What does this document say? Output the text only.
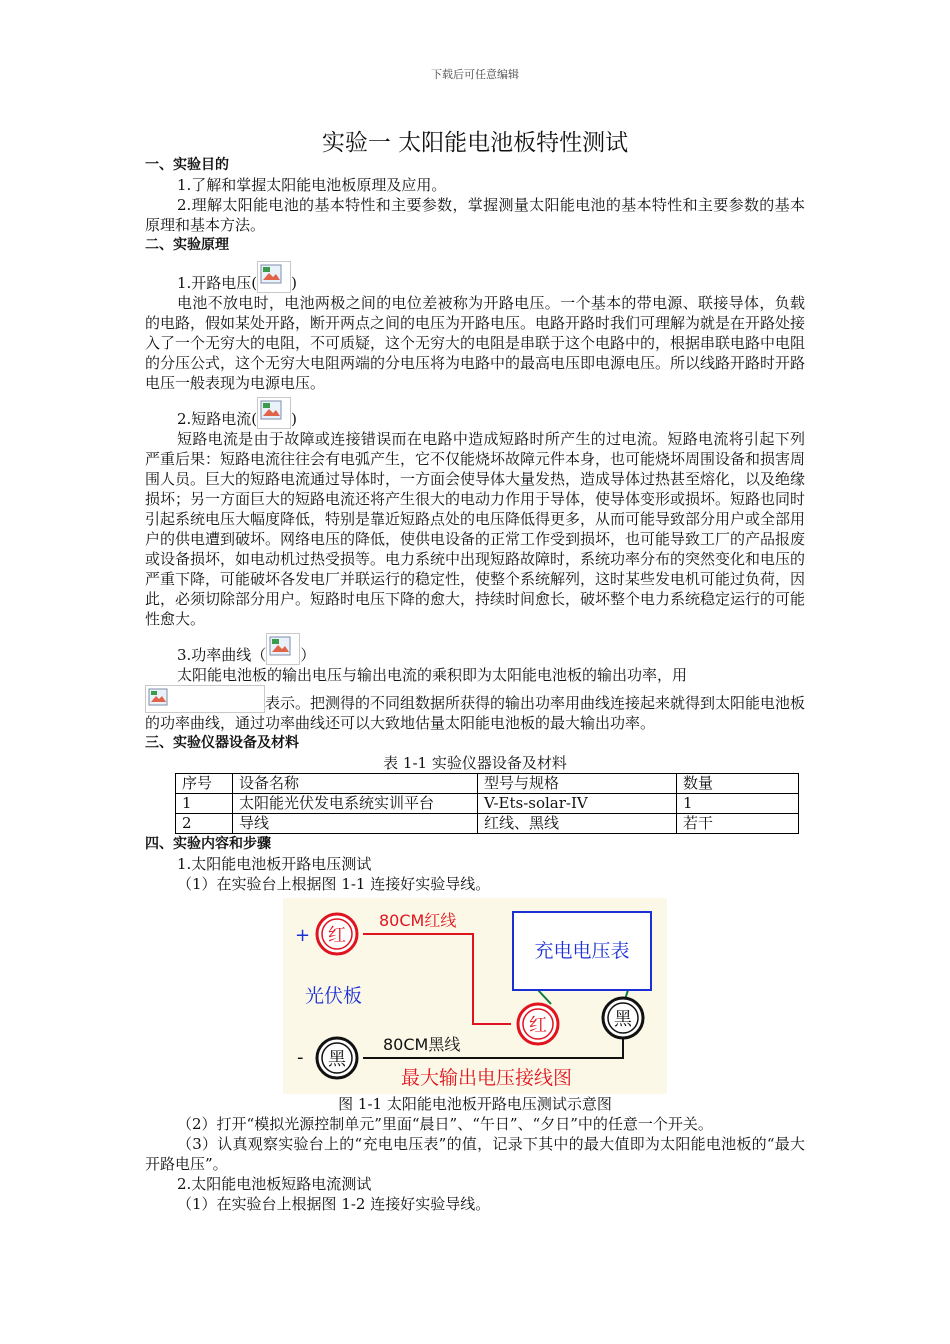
下载后可任意编辑
实验一 太阳能电池板特性测试
一、实验目的

1.了解和掌握太阳能电池板原理及应用。

2.理解太阳能电池的基本特性和主要参数，掌握测量太阳能电池的基本特性和主要参数的基本原理和基本方法。

二、实验原理

1.开路电压( )

电池不放电时，电池两极之间的电位差被称为开路电压。一个基本的带电源、联接导体，负载的电路，假如某处开路，断开两点之间的电压为开路电压。电路开路时我们可理解为就是在开路处接入了一个无穷大的电阻，不可质疑，这个无穷大的电阻是串联于这个电路中的，根据串联电路中电阻的分压公式，这个无穷大电阻两端的分电压将为电路中的最高电压即电源电压。所以线路开路时开路电压一般表现为电源电压。

2.短路电流( )

短路电流是由于故障或连接错误而在电路中造成短路时所产生的过电流。短路电流将引起下列严重后果：短路电流往往会有电弧产生，它不仅能烧坏故障元件本身，也可能烧坏周围设备和损害周围人员。巨大的短路电流通过导体时，一方面会使导体大量发热，造成导体过热甚至熔化，以及绝缘损坏；另一方面巨大的短路电流还将产生很大的电动力作用于导体，使导体变形或损坏。短路也同时引起系统电压大幅度降低，特别是靠近短路点处的电压降低得更多，从而可能导致部分用户或全部用户的供电遭到破坏。网络电压的降低，使供电设备的正常工作受到损坏，也可能导致工厂的产品报废或设备损坏，如电动机过热受损等。电力系统中出现短路故障时，系统功率分布的突然变化和电压的严重下降，可能破坏各发电厂并联运行的稳定性，使整个系统解列，这时某些发电机可能过负荷，因此，必须切除部分用户。短路时电压下降的愈大，持续时间愈长，破坏整个电力系统稳定运行的可能性愈大。

3.功率曲线（ ）

太阳能电池板的输出电压与输出电流的乘积即为太阳能电池板的输出功率，用

表示。把测得的不同组数据所获得的输出功率用曲线连接起来就得到太阳能电池板的功率曲线，通过功率曲线还可以大致地估量太阳能电池板的最大输出功率。

三、实验仪器设备及材料
表 1-1 实验仪器设备及材料
序号	设备名称	型号与规格	数量
1	太阳能光伏发电系统实训平台	V-Ets-solar-IV	1
2	导线	红线、黑线	若干
四、实验内容和步骤

1.太阳能电池板开路电压测试

（1）在实验台上根据图 1-1 连接好实验导线。

+ 红
80CM红线
充电电压表
光伏板
红	黑
- 黑
80CM黑线
最大输出电压接线图
图 1-1 太阳能电池板开路电压测试示意图

（2）打开“模拟光源控制单元”里面“晨日”、“午日”、“夕日”中的任意一个开关。

（3）认真观察实验台上的“充电电压表”的值，记录下其中的最大值即为太阳能电池板的“最大开路电压”。

2.太阳能电池板短路电流测试

（1）在实验台上根据图 1-2 连接好实验导线。
